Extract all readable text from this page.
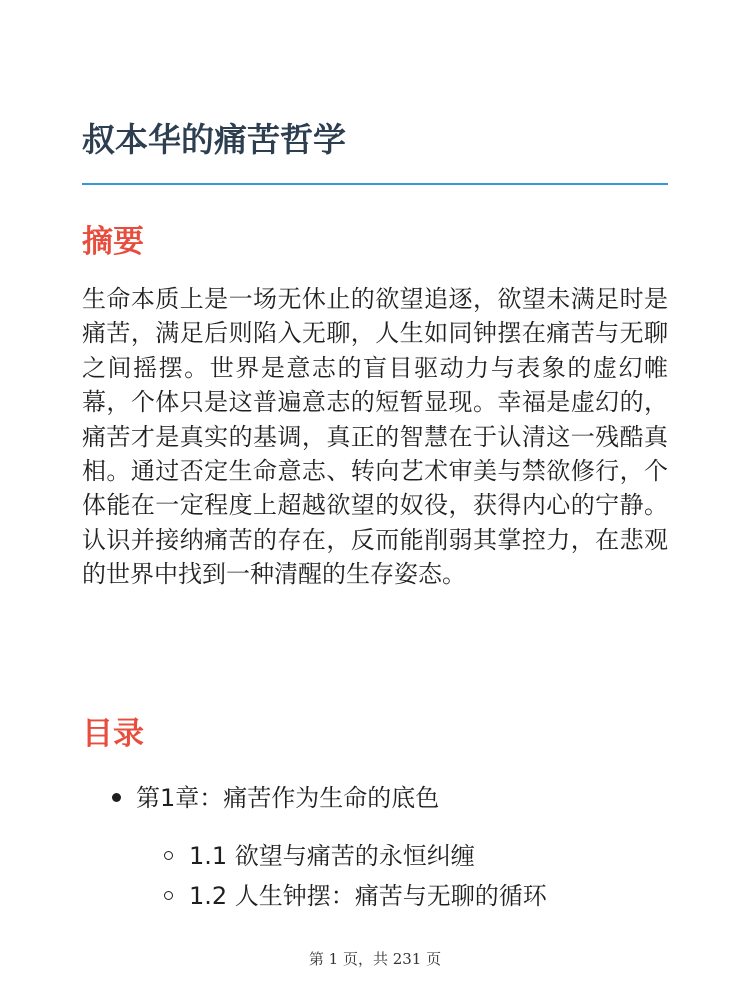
叔本华的痛苦哲学
摘要

生命本质上是一场无休止的欲望追逐，欲望未满足时是痛苦，满足后则陷入无聊，人生如同钟摆在痛苦与无聊之间摇摆。世界是意志的盲目驱动力与表象的虚幻帷幕，个体只是这普遍意志的短暂显现。幸福是虚幻的，痛苦才是真实的基调，真正的智慧在于认清这一残酷真相。通过否定生命意志、转向艺术审美与禁欲修行，个体能在一定程度上超越欲望的奴役，获得内心的宁静。认识并接纳痛苦的存在，反而能削弱其掌控力，在悲观的世界中找到一种清醒的生存姿态。

目录
第1章：痛苦作为生命的底色
1.1 欲望与痛苦的永恒纠缠
1.2 人生钟摆：痛苦与无聊的循环
第 1 页，共 231 页
